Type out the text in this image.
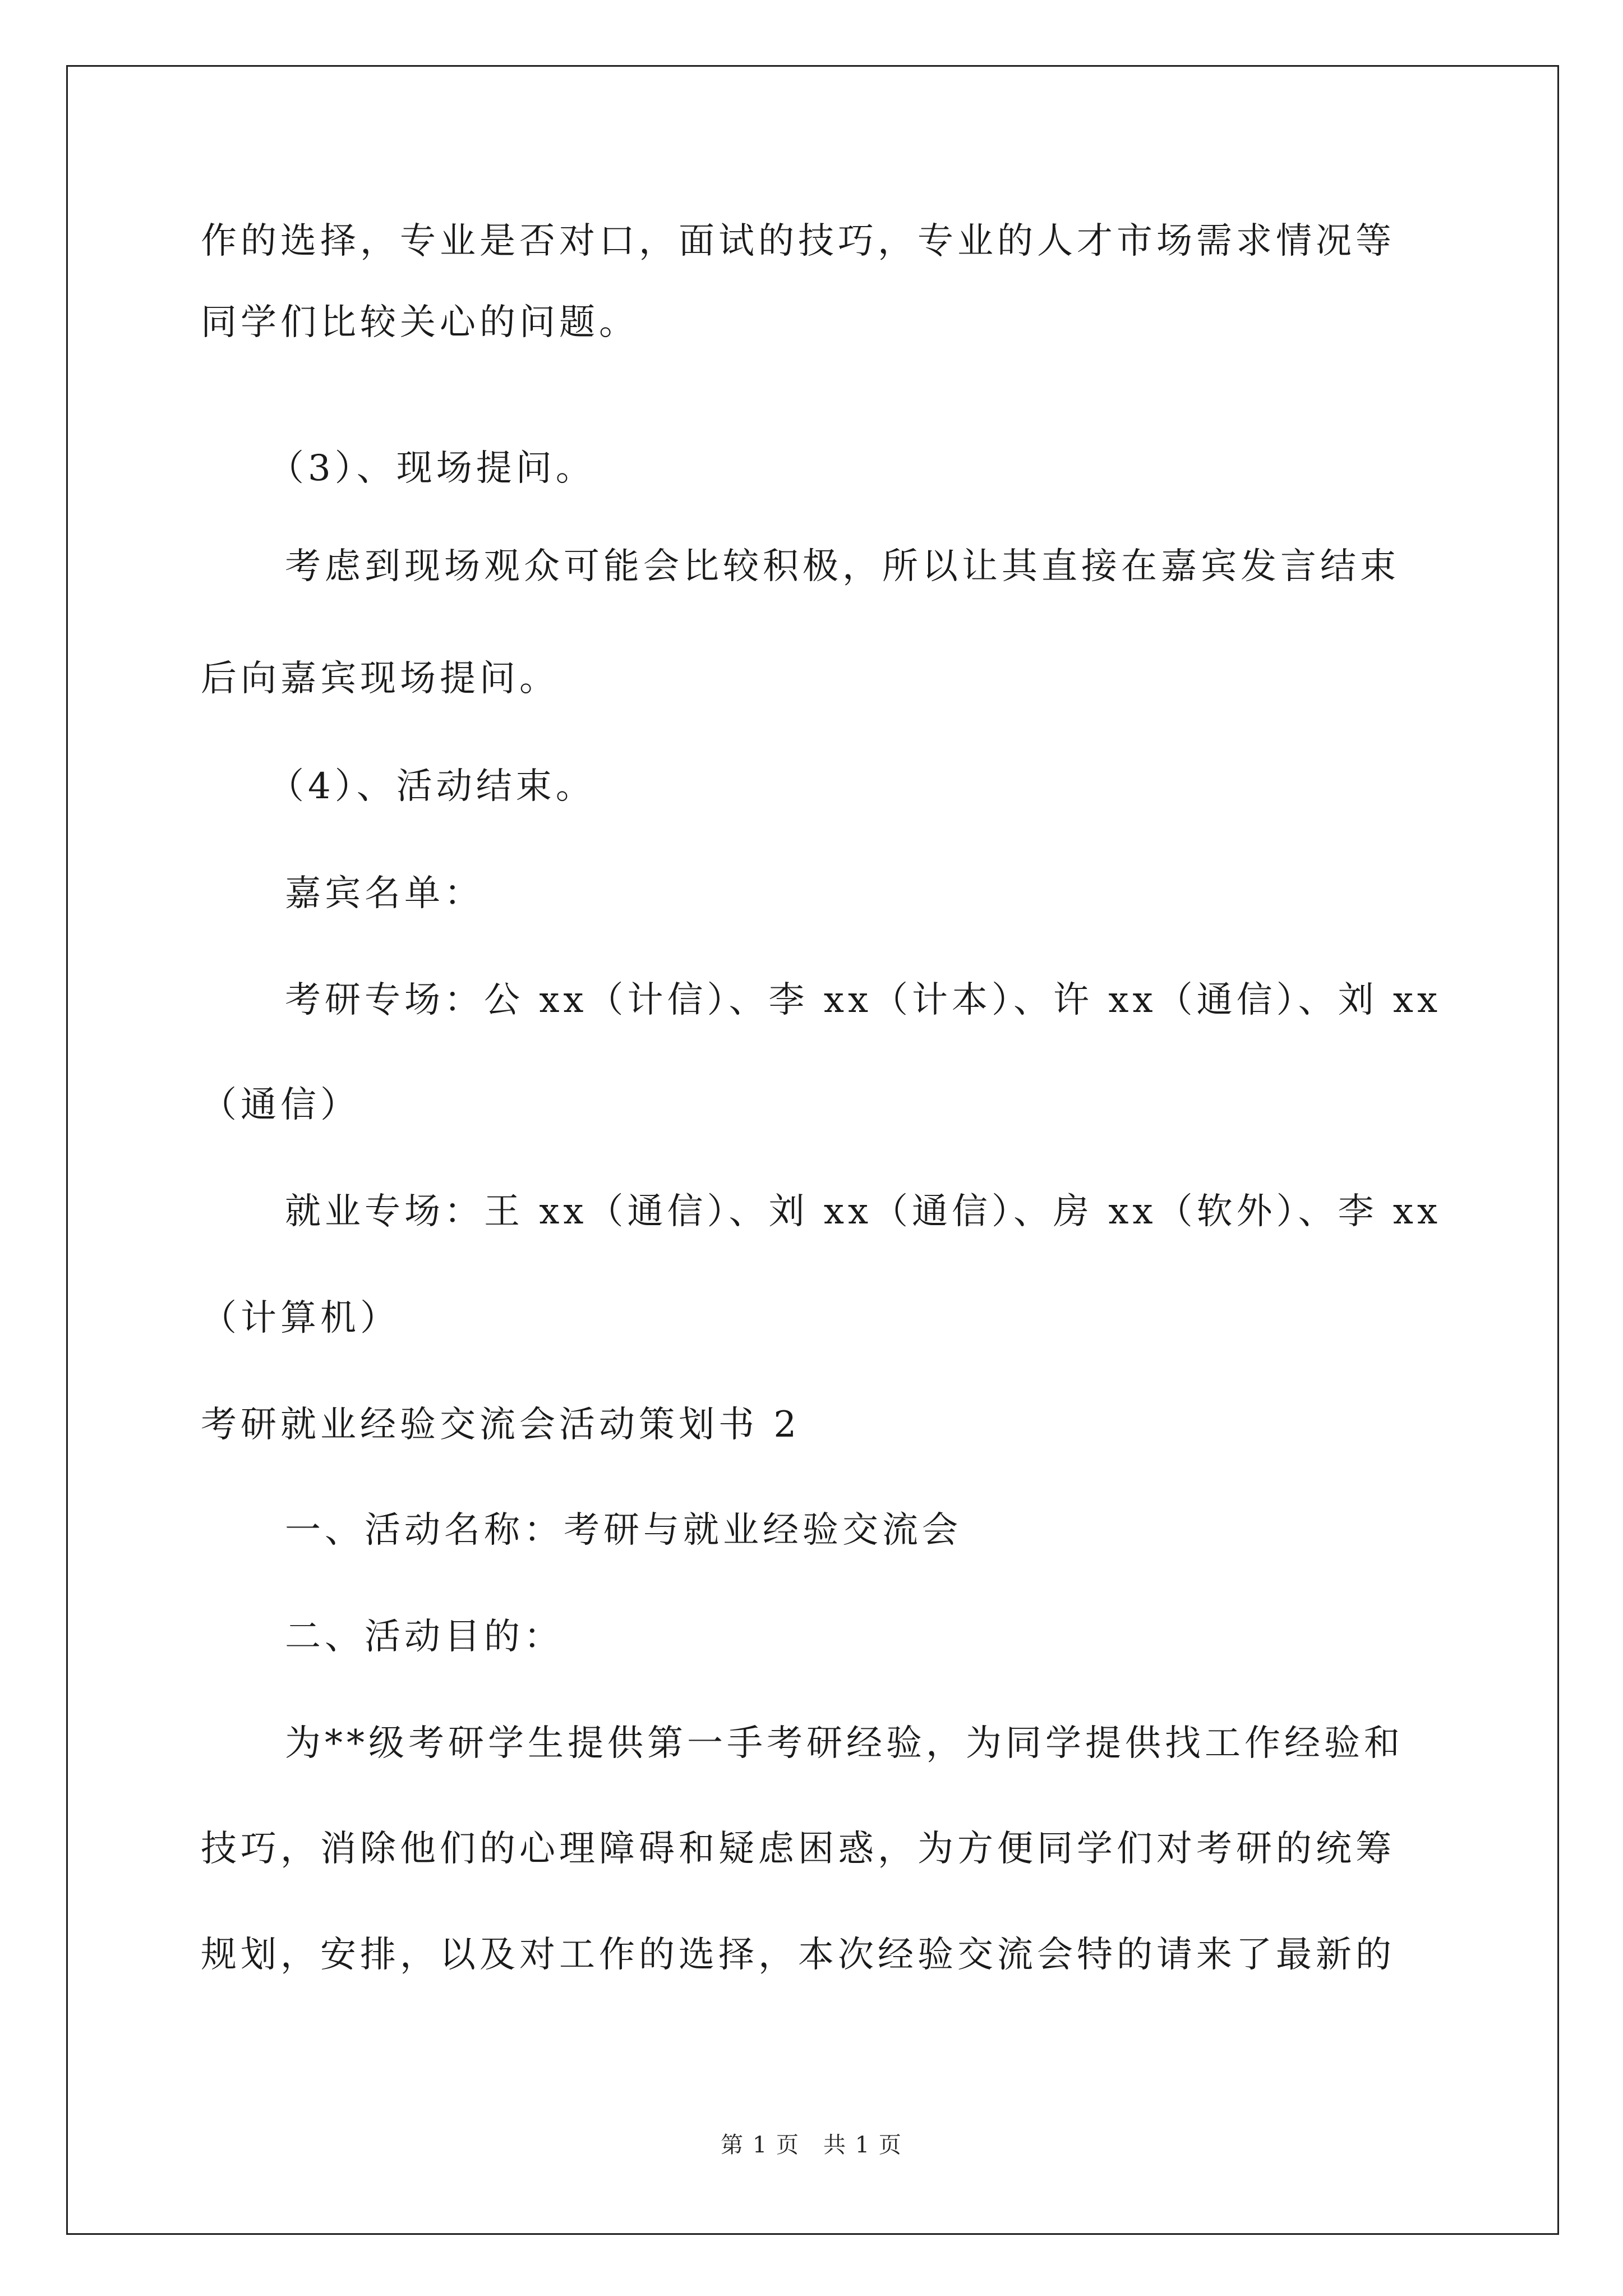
作的选择，专业是否对口，面试的技巧，专业的人才市场需求情况等
同学们比较关心的问题。
（3）、现场提问。
考虑到现场观众可能会比较积极，所以让其直接在嘉宾发言结束
后向嘉宾现场提问。
（4）、活动结束。
嘉宾名单：
考研专场：公 xx（计信）、李 xx（计本）、许 xx（通信）、刘 xx
（通信）
就业专场：王 xx（通信）、刘 xx（通信）、房 xx（软外）、李 xx
（计算机）
考研就业经验交流会活动策划书 2
一、活动名称：考研与就业经验交流会
二、活动目的：
为**级考研学生提供第一手考研经验，为同学提供找工作经验和
技巧，消除他们的心理障碍和疑虑困惑，为方便同学们对考研的统筹
规划，安排，以及对工作的选择，本次经验交流会特的请来了最新的
第 1 页　共 1 页
